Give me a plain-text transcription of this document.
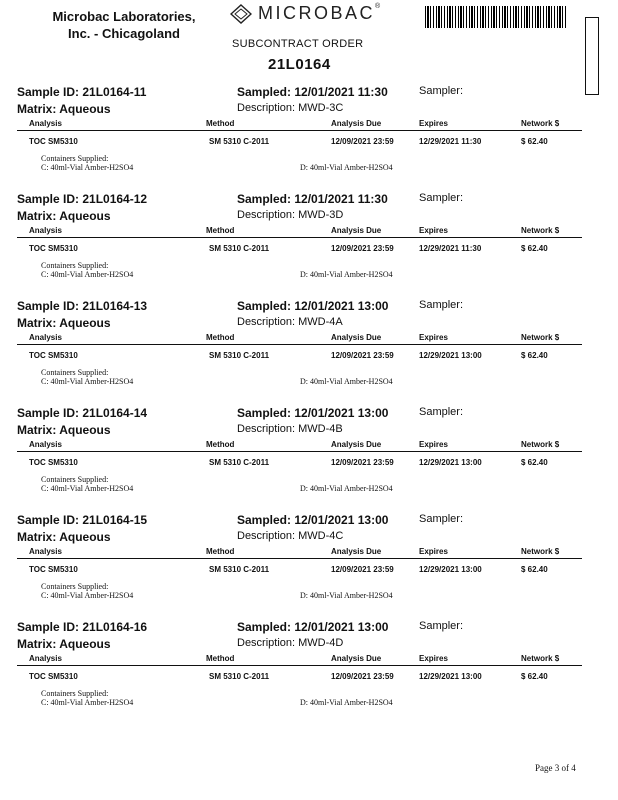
Microbac Laboratories,
Inc. - Chicagoland
MICROBAC®
SUBCONTRACT ORDER
21L0164
Sample ID: 21L0164-11
Matrix: Aqueous
Sampled: 12/01/2021 11:30	Sampler:
Description: MWD-3C
Analysis	Method	Analysis Due	Expires	Network $
TOC SM5310	SM 5310 C-2011	12/09/2021 23:59	12/29/2021 11:30	$ 62.40
Containers Supplied:
C: 40ml-Vial Amber-H2SO4	D: 40ml-Vial Amber-H2SO4
Sample ID: 21L0164-12
Matrix: Aqueous
Sampled: 12/01/2021 11:30	Sampler:
Description: MWD-3D
Analysis	Method	Analysis Due	Expires	Network $
TOC SM5310	SM 5310 C-2011	12/09/2021 23:59	12/29/2021 11:30	$ 62.40
Containers Supplied:
C: 40ml-Vial Amber-H2SO4	D: 40ml-Vial Amber-H2SO4
Sample ID: 21L0164-13
Matrix: Aqueous
Sampled: 12/01/2021 13:00	Sampler:
Description: MWD-4A
Analysis	Method	Analysis Due	Expires	Network $
TOC SM5310	SM 5310 C-2011	12/09/2021 23:59	12/29/2021 13:00	$ 62.40
Containers Supplied:
C: 40ml-Vial Amber-H2SO4	D: 40ml-Vial Amber-H2SO4
Sample ID: 21L0164-14
Matrix: Aqueous
Sampled: 12/01/2021 13:00	Sampler:
Description: MWD-4B
Analysis	Method	Analysis Due	Expires	Network $
TOC SM5310	SM 5310 C-2011	12/09/2021 23:59	12/29/2021 13:00	$ 62.40
Containers Supplied:
C: 40ml-Vial Amber-H2SO4	D: 40ml-Vial Amber-H2SO4
Sample ID: 21L0164-15
Matrix: Aqueous
Sampled: 12/01/2021 13:00	Sampler:
Description: MWD-4C
Analysis	Method	Analysis Due	Expires	Network $
TOC SM5310	SM 5310 C-2011	12/09/2021 23:59	12/29/2021 13:00	$ 62.40
Containers Supplied:
C: 40ml-Vial Amber-H2SO4	D: 40ml-Vial Amber-H2SO4
Sample ID: 21L0164-16
Matrix: Aqueous
Sampled: 12/01/2021 13:00	Sampler:
Description: MWD-4D
Analysis	Method	Analysis Due	Expires	Network $
TOC SM5310	SM 5310 C-2011	12/09/2021 23:59	12/29/2021 13:00	$ 62.40
Containers Supplied:
C: 40ml-Vial Amber-H2SO4	D: 40ml-Vial Amber-H2SO4
Page 3 of 4
